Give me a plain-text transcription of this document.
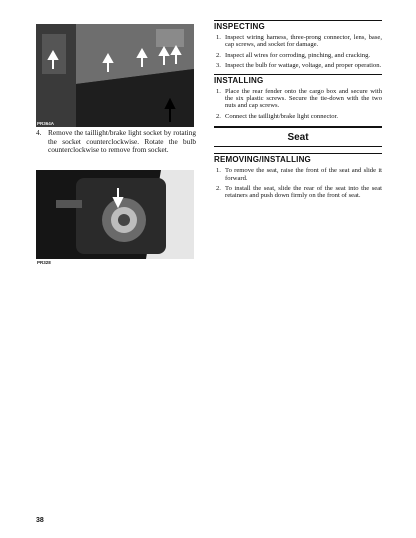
PR364A
4. Remove the taillight/brake light socket by rotating the socket counterclockwise. Rotate the bulb counterclockwise to remove from socket.
PR328
INSPECTING
1. Inspect wiring harness, three-prong connector, lens, base, cap screws, and socket for damage.
2. Inspect all wires for corroding, pinching, and cracking.
3. Inspect the bulb for wattage, voltage, and proper operation.
INSTALLING
1. Place the rear fender onto the cargo box and secure with the six plastic screws. Secure the tie-down with the two nuts and cap screws.
2. Connect the taillight/brake light connector.
Seat
REMOVING/INSTALLING
1. To remove the seat, raise the front of the seat and slide it forward.
2. To install the seat, slide the rear of the seat into the seat retainers and push down firmly on the front of seat.
38
